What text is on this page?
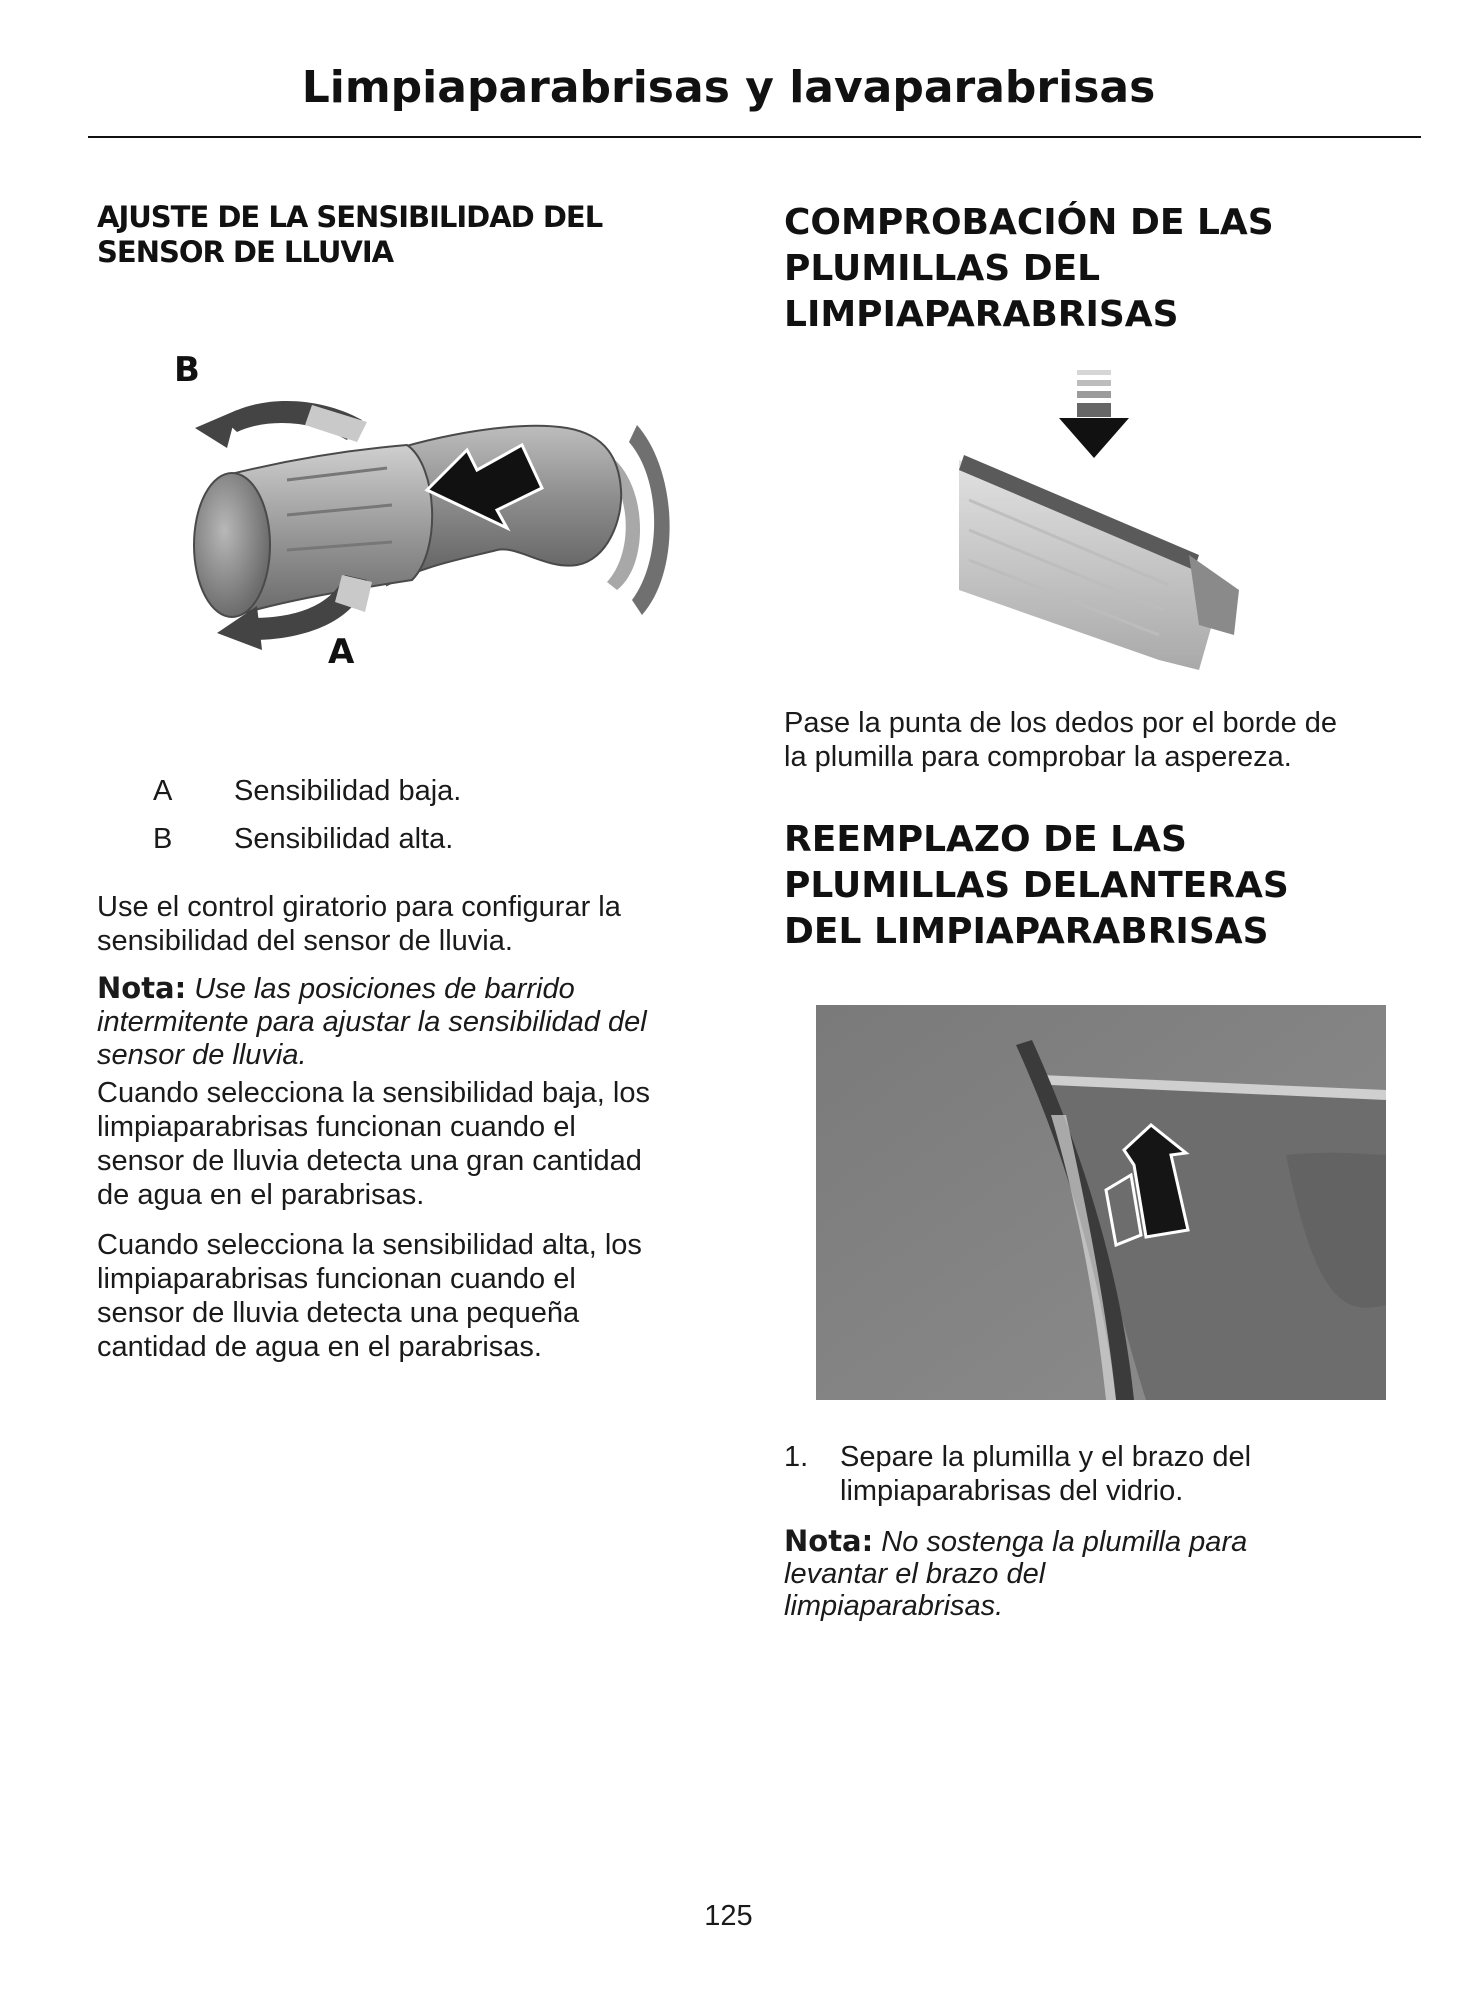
Limpiaparabrisas y lavaparabrisas
AJUSTE DE LA SENSIBILIDAD DEL
SENSOR DE LLUVIA
B
A
A	Sensibilidad baja.
B	Sensibilidad alta.

Use el control giratorio para configurar la
sensibilidad del sensor de lluvia.

Nota: Use las posiciones de barrido
intermitente para ajustar la sensibilidad del
sensor de lluvia.

Cuando selecciona la sensibilidad baja, los
limpiaparabrisas funcionan cuando el
sensor de lluvia detecta una gran cantidad
de agua en el parabrisas.

Cuando selecciona la sensibilidad alta, los
limpiaparabrisas funcionan cuando el
sensor de lluvia detecta una pequeña
cantidad de agua en el parabrisas.

COMPROBACIÓN DE LAS
PLUMILLAS DEL
LIMPIAPARABRISAS

Pase la punta de los dedos por el borde de
la plumilla para comprobar la aspereza.

REEMPLAZO DE LAS
PLUMILLAS DELANTERAS
DEL LIMPIAPARABRISAS
1. Separe la plumilla y el brazo del
limpiaparabrisas del vidrio.

Nota: No sostenga la plumilla para
levantar el brazo del
limpiaparabrisas.

125
